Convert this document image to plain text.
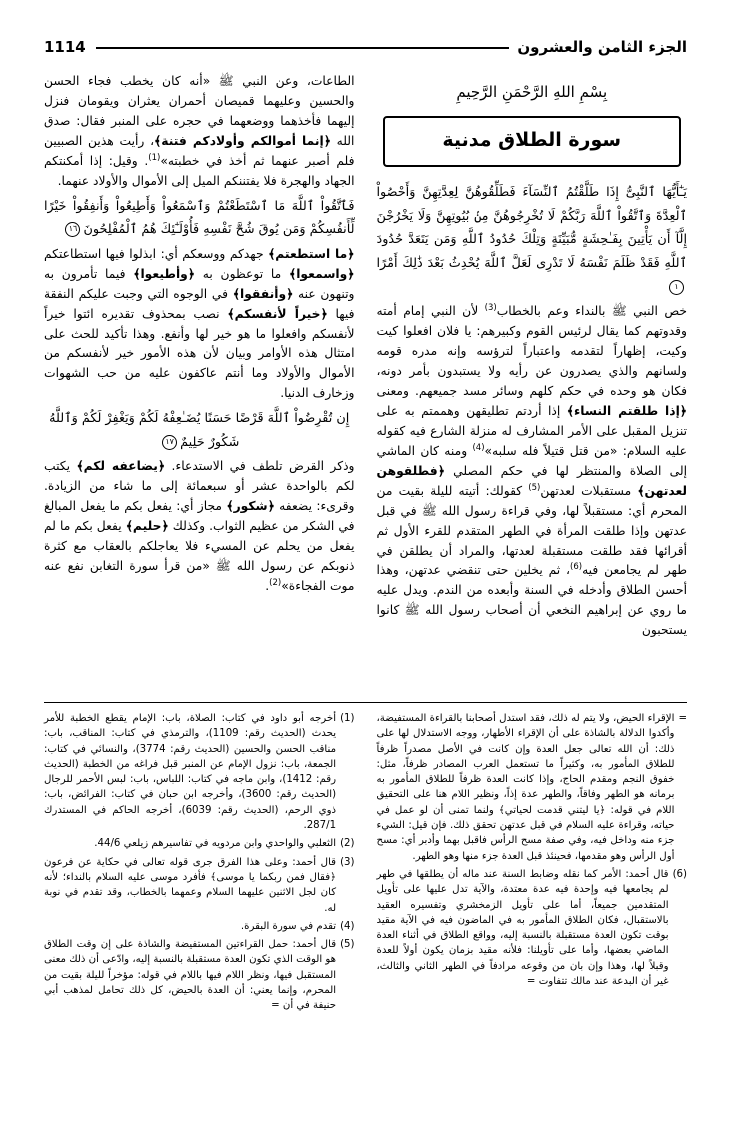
الجزء الثامن والعشرون
1114
بِسْمِ اللهِ الرَّحْمَنِ الرَّحِيمِ
سورة الطلاق مدنية

يَـٰٓأَيُّهَا ٱلنَّبِىُّ إِذَا طَلَّقْتُمُ ٱلنِّسَآءَ فَطَلِّقُوهُنَّ لِعِدَّتِهِنَّ وَأَحْصُواْ ٱلْعِدَّةَ وَٱتَّقُواْ ٱللَّهَ رَبَّكُمْ لَا تُخْرِجُوهُنَّ مِنۢ بُيُوتِهِنَّ وَلَا يَخْرُجْنَ إِلَّآ أَن يَأْتِينَ بِفَـٰحِشَةٍ مُّبَيِّنَةٍ وَتِلْكَ حُدُودُ ٱللَّهِ وَمَن يَتَعَدَّ حُدُودَ ٱللَّهِ فَقَدْ ظَلَمَ نَفْسَهُ لَا تَدْرِى لَعَلَّ ٱللَّهَ يُحْدِثُ بَعْدَ ذَٰلِكَ أَمْرًا١

خص النبي ﷺ بالنداء وعم بالخطاب$^{(3)}$ لأن النبي إمام أمته وقدوتهم كما يقال لرئيس القوم وكبيرهم: يا فلان افعلوا كيت وكيت، إظهاراً لتقدمه واعتباراً لترؤسه وإنه مدره قومه ولسانهم والذي يصدرون عن رأيه ولا يستبدون بأمر دونه، فكان هو وحده في حكم كلهم وسائر مسد جميعهم. ومعنى ﴿إذا طلقتم النساء﴾ إذا أردتم تطليقهن وهممتم به على تنزيل المقبل على الأمر المشارف له منزلة الشارع فيه كقوله عليه السلام: «من قتل قتيلاً فله سلبه»$^{(4)}$ ومنه كان الماشي إلى الصلاة والمنتظر لها في حكم المصلي ﴿فطلقوهن لعدتهن﴾ مستقبلات لعدتهن$^{(5)}$ كقولك: أتيته لليلة بقيت من المحرم أي: مستقبلاً لها، وفي قراءة رسول الله ﷺ في قبل عدتهن وإذا طلقت المرأة في الطهر المتقدم للقرء الأول ثم أقرائها فقد طلقت مستقبلة لعدتها، والمراد أن يطلقن في طهر لم يجامعن فيه$^{(6)}$، ثم يخلين حتى تنقضي عدتهن، وهذا أحسن الطلاق وأدخله في السنة وأبعده من الندم. ويدل عليه ما روي عن إبراهيم النخعي أن أصحاب رسول الله ﷺ كانوا يستحبون

الطاعات، وعن النبي ﷺ «أنه كان يخطب فجاء الحسن والحسين وعليهما قميصان أحمران يعثران ويقومان فنزل إليهما فأخذهما ووضعهما في حجره على المنبر فقال: صدق الله ﴿إنما أموالكم وأولادكم فتنة﴾، رأيت هذين الصبيين فلم أصبر عنهما ثم أخذ في خطبته»$^{(1)}$. وقيل: إذا أمكنتكم الجهاد والهجرة فلا يفتننكم الميل إلى الأموال والأولاد عنهما.

فَٱتَّقُواْ ٱللَّهَ مَا ٱسْتَطَعْتُمْ وَٱسْمَعُواْ وَأَطِيعُواْ وَأَنفِقُواْ خَيْرًا لِّأَنفُسِكُمْ وَمَن يُوقَ شُحَّ نَفْسِهِ فَأُوْلَـٰٓئِكَ هُمُ ٱلْمُفْلِحُونَ١٦

﴿ما استطعتم﴾ جهدكم ووسعكم أي: ابذلوا فيها استطاعتكم ﴿واسمعوا﴾ ما توعظون به ﴿وأطيعوا﴾ فيما تأمرون به وتنهون عنه ﴿وأنفقوا﴾ في الوجوه التي وجبت عليكم النفقة فيها ﴿خيراً لأنفسكم﴾ نصب بمحذوف تقديره ائتوا خيراً لأنفسكم وافعلوا ما هو خير لها وأنفع. وهذا تأكيد للحث على امتثال هذه الأوامر وبيان لأن هذه الأمور خير لأنفسكم من الأموال والأولاد وما أنتم عاكفون عليه من حب الشهوات وزخارف الدنيا.

إِن تُقْرِضُواْ ٱللَّهَ قَرْضًا حَسَنًا يُضَـٰعِفْهُ لَكُمْ وَيَغْفِرْ لَكُمْ وَٱللَّهُ شَكُورٌ حَلِيمٌ١٧

وذكر القرض تلطف في الاستدعاء. ﴿يضاعفه لكم﴾ يكتب لكم بالواحدة عشر أو سبعمائة إلى ما شاء من الزيادة. وقرىء: يضعفه ﴿شكور﴾ مجاز أي: يفعل بكم ما يفعل المبالغ في الشكر من عظيم الثواب. وكذلك ﴿حليم﴾ يفعل بكم ما لم يفعل من يحلم عن المسيء فلا يعاجلكم بالعقاب مع كثرة ذنوبكم عن رسول الله ﷺ «من قرأ سورة التغابن نفع عنه موت الفجاءة»$^{(2)}$.

=
الإقراء الحيض، ولا يتم له ذلك، فقد استدل أصحابنا بالقراءة المستفيضة، وأكدوا الدلالة بالشاذة على أن الإقراء الأطهار، ووجه الاستدلال لها على ذلك: أن الله تعالى جعل العدة وإن كانت في الأصل مصدراً ظرفاً للطلاق المأمور به، وكثيراً ما تستعمل العرب المصادر ظرفاً، مثل: خفوق النجم ومقدم الحاج، وإذا كانت العدة ظرفاً للطلاق المأمور به برمانه هو الطهر وفاقاً، والطهر عدة إذاً، ونظير اللام هنا على التحقيق اللام في قوله: ﴿يا ليتني قدمت لحياتي﴾ ولنما تمنى أن لو عمل في حياته، وقراءة عليه السلام في قبل عدتهن تحقق ذلك. فإن قيل: الشيء جزء منه وداخل فيه، وفي صفة مسح الرأس فاقبل بهما وأدبر أي: مسح أول الرأس وهو مقدمها، فحينئذ قبل العدة جزء منها وهو الطهر.
(6)
قال أحمد: الأمر كما نقله وضابط السنة عند ماله أن يطلقها في طهر لم يجامعها فيه وإحدة فيه عدة معتدة، والآية تدل عليها على تأويل المتقدمين جميعاً، أما على تأويل الزمخشري وتفسيره العقيد بالاستقبال، فكان الطلاق المأمور به في الماضون فيه في الآية مقيد بوقت تكون العدة مستقبلة بالنسبة إليه، وواقع الطلاق في أثناء العدة الماضي بعضها، وأما على تأويلنا: فلأنه مقيد بزمان يكون أولاً للعدة وقبلاً لها، وهذا وإن بان من وقوعه مرادفاً في الطهر الثاني والثالث، غير أن البدعة عند مالك تتفاوت =
(1)
أخرجه أبو داود في كتاب: الصلاة، باب: الإمام يقطع الخطبة للأمر يحدث (الحديث رقم: 1109)، والترمذي في كتاب: المناقب، باب: مناقب الحسن والحسين (الحديث رقم: 3774)، والنسائي في كتاب: الجمعة، باب: نزول الإمام عن المنبر قبل فراغه من الخطبة (الحديث رقم: 1412)، وابن ماجه في كتاب: اللباس، باب: لبس الأحمر للرجال (الحديث رقم: 3600)، وأخرجه ابن حبان في كتاب: الفرائض، باب: ذوي الرحم، (الحديث رقم: 6039)، أخرجه الحاكم في المستدرك 287/1.
(2)
الثعلبي والواحدي وابن مردويه في تفاسيرهم زيلعي 44/6.
(3)
قال أحمد: وعلى هذا الفرق جرى قوله تعالى في حكاية عن فرعون ﴿فقال فمن ربكما يا موسى﴾ فأفرد موسى عليه السلام بالنداء؛ لأنه كان لجل الاثنين عليهما السلام وعمهما بالخطاب، وقد تقدم في نوبة له.
(4)
تقدم في سورة البقرة.
(5)
قال أحمد: حمل القراءتين المستفيضة والشاذة على إن وقت الطلاق هو الوقت الذي تكون العدة مستقبلة بالنسبة إليه، وادّعى أن ذلك معنى المستقبل فيها، ونظر اللام فيها باللام في قوله: مؤخراً لليلة بقيت من المحرم، وإنما يعني: أن العدة بالحيض، كل ذلك تحامل لمذهب أبي حنيفة في أن =
